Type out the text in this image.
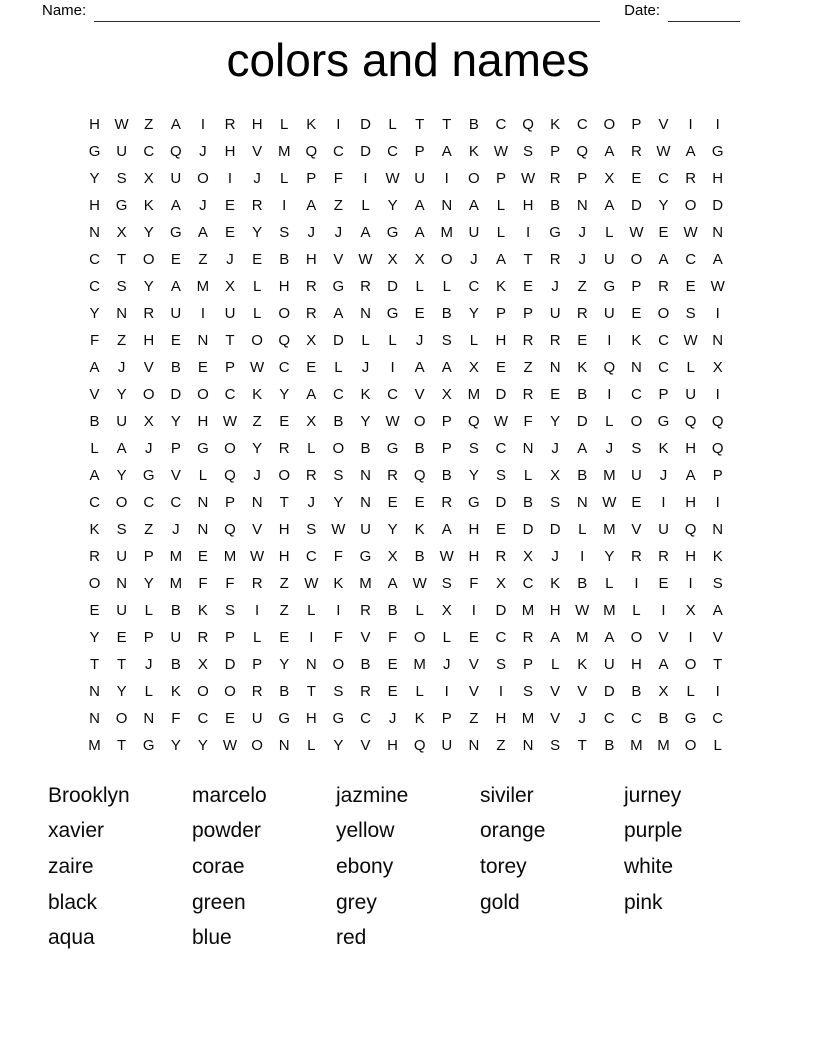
Name:	Date:
colors and names
H W	Z	A	I	R	H	L	K	I	D	L	T	T	B	C	Q	K	C	O	P	V	I	I
G	U	C	Q	J	H	V	M	Q	C	D	C	P	A	K	W	S	P	Q	A	R W	A	G
Y	S	X	U	O	I	J	L	P	F	I	W U	I	O	P	W R	P	X	E	C	R	H
H	G	K	A	J	E	R	I	A	Z	L	Y	A	N	A	L	H	B	N	A	D	Y	O	D
N	X	Y	G	A	E	Y	S	J	J	A	G	A	M	U	L	I	G	J	L	W	E	W N
C	T	O	E	Z	J	E	B	H	V	W	X	X	O	J	A	T	R	J	U	O	A	C	A
C	S	Y	A	M	X	L	H	R	G	R	D	L	L	C	K	E	J	Z	G	P	R	E	W
Y	N	R	U	I	U	L	O	R	A	N	G	E	B	Y	P	P	U	R	U	E	O	S	I
F	Z	H	E	N	T	O	Q	X	D	L	L	J	S	L	H	R	R	E	I	K	C W N
A	J	V	B	E	P	W C	E	L	J	I	A	A	X	E	Z	N	K	Q	N	C	L	X
V	Y	O	D	O	C	K	Y	A	C	K	C	V	X	M	D	R	E	B	I	C	P	U	I
B	U	X	Y	H W	Z	E	X	B	Y	W O	P	Q W	F	Y	D	L	O	G	Q	Q
L	A	J	P	G	O	Y	R	L	O	B	G	B	P	S	C	N	J	A	J	S	K	H	Q
A	Y	G	V	L	Q	J	O	R	S	N	R	Q	B	Y	S	L	X	B	M	U	J	A	P
C	O	C	C	N	P	N	T	J	Y	N	E	E	R	G	D	B	S	N W	E	I	H	I
K	S	Z	J	N	Q	V	H	S	W U	Y	K	A	H	E	D	D	L	M	V	U	Q	N
R	U	P	M	E	M W H	C	F	G	X	B	W H	R	X	J	I	Y	R	R	H	K
O	N	Y	M	F	F	R	Z	W	K	M	A	W	S	F	X	C	K	B	L	I	E	I	S
E	U	L	B	K	S	I	Z	L	I	R	B	L	X	I	D	M	H W M	L	I	X	A
Y	E	P	U	R	P	L	E	I	F	V	F	O	L	E	C	R	A	M	A	O	V	I	V
T	T	J	B	X	D	P	Y	N	O	B	E	M	J	V	S	P	L	K	U	H	A	O	T
N	Y	L	K	O	O	R	B	T	S	R	E	L	I	V	I	S	V	V	D	B	X	L	I
N	O	N	F	C	E	U	G	H	G	C	J	K	P	Z	H	M	V	J	C	C	B	G	C
M	T	G	Y	Y	W O	N	L	Y	V	H	Q	U	N	Z	N	S	T	B	M M	O	L
Brooklyn	marcelo	jazmine	siviler	jurney
xavier	powder	yellow	orange	purple
zaire	corae	ebony	torey	white
black	green	grey	gold	pink
aqua	blue	red
